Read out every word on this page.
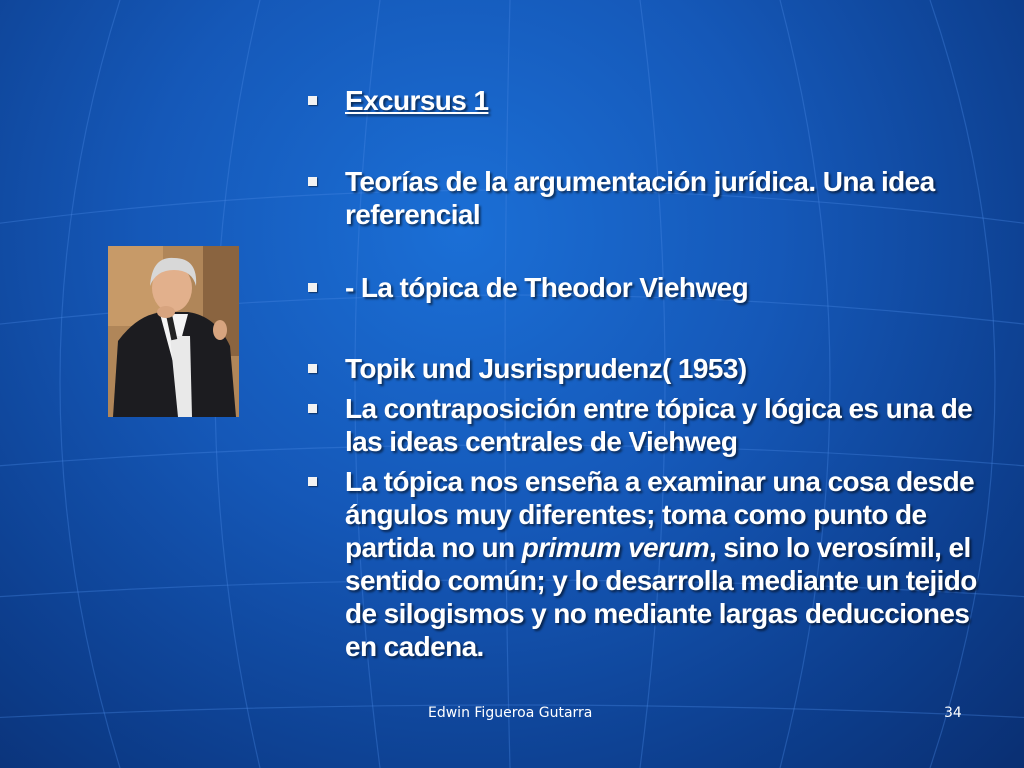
Excursus 1
Teorías de la argumentación jurídica. Una idea referencial
- La tópica de Theodor Viehweg
Topik und Jusrisprudenz( 1953)
La contraposición entre tópica y lógica es una de las ideas centrales de Viehweg
La tópica nos enseña a examinar una cosa desde ángulos muy diferentes; toma como punto de partida no un primum verum, sino lo verosímil, el sentido común; y lo desarrolla mediante un tejido de silogismos y no mediante largas deducciones en cadena.
Edwin Figueroa Gutarra	34
